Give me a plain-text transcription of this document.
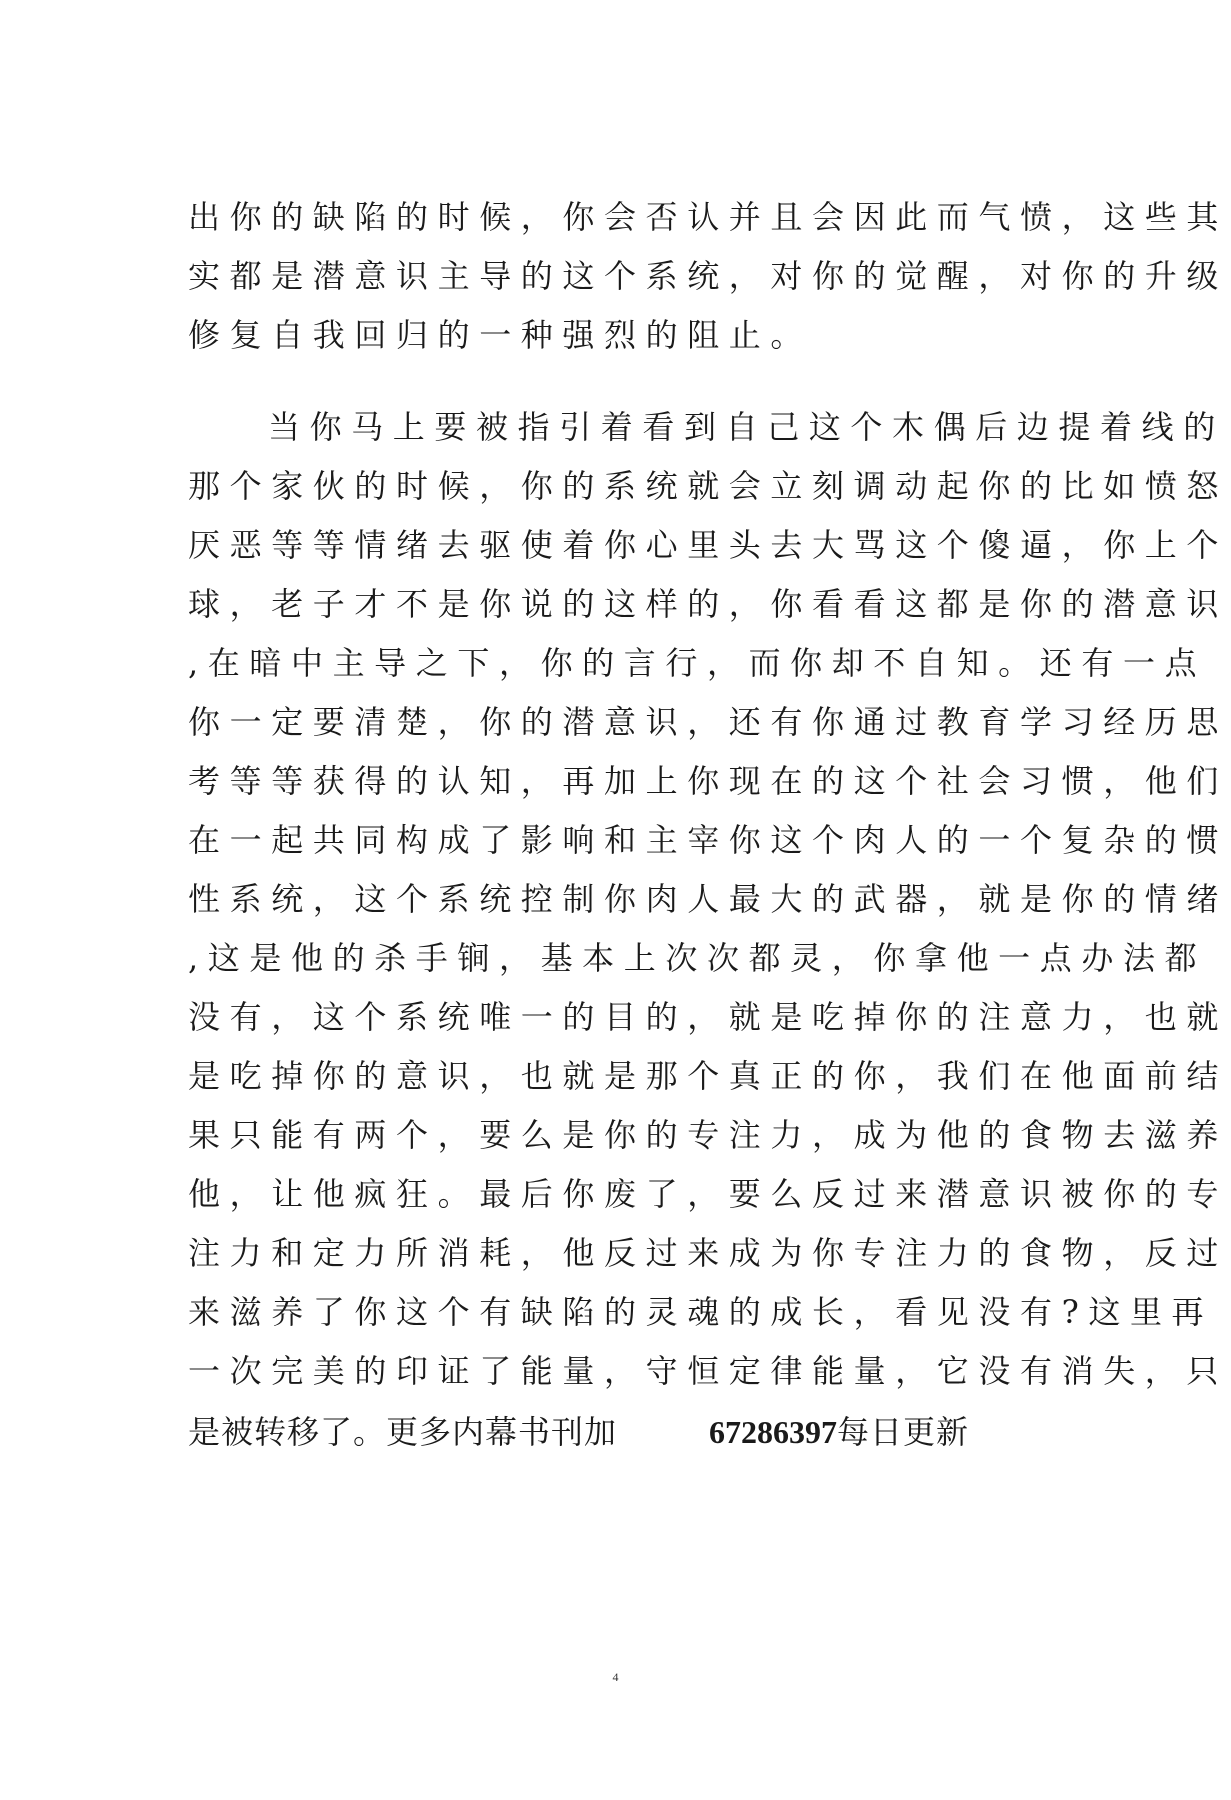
出你的缺陷的时候，你会否认并且会因此而气愤，这些其
实都是潜意识主导的这个系统，对你的觉醒，对你的升级
修复自我回归的一种强烈的阻止。
当你马上要被指引着看到自己这个木偶后边提着线的
那个家伙的时候，你的系统就会立刻调动起你的比如愤怒
厌恶等等情绪去驱使着你心里头去大骂这个傻逼，你上个
球，老子才不是你说的这样的，你看看这都是你的潜意识
,在暗中主导之下，你的言行，而你却不自知。还有一点
你一定要清楚，你的潜意识，还有你通过教育学习经历思
考等等获得的认知，再加上你现在的这个社会习惯，他们
在一起共同构成了影响和主宰你这个肉人的一个复杂的惯
性系统，这个系统控制你肉人最大的武器，就是你的情绪
,这是他的杀手锏，基本上次次都灵，你拿他一点办法都
没有，这个系统唯一的目的，就是吃掉你的注意力，也就
是吃掉你的意识，也就是那个真正的你，我们在他面前结
果只能有两个，要么是你的专注力，成为他的食物去滋养
他，让他疯狂。最后你废了，要么反过来潜意识被你的专
注力和定力所消耗，他反过来成为你专注力的食物，反过
来滋养了你这个有缺陷的灵魂的成长，看见没有?这里再
一次完美的印证了能量，守恒定律能量，它没有消失，只
是被转移了。更多内幕书刊加	67286397每日更新
4
